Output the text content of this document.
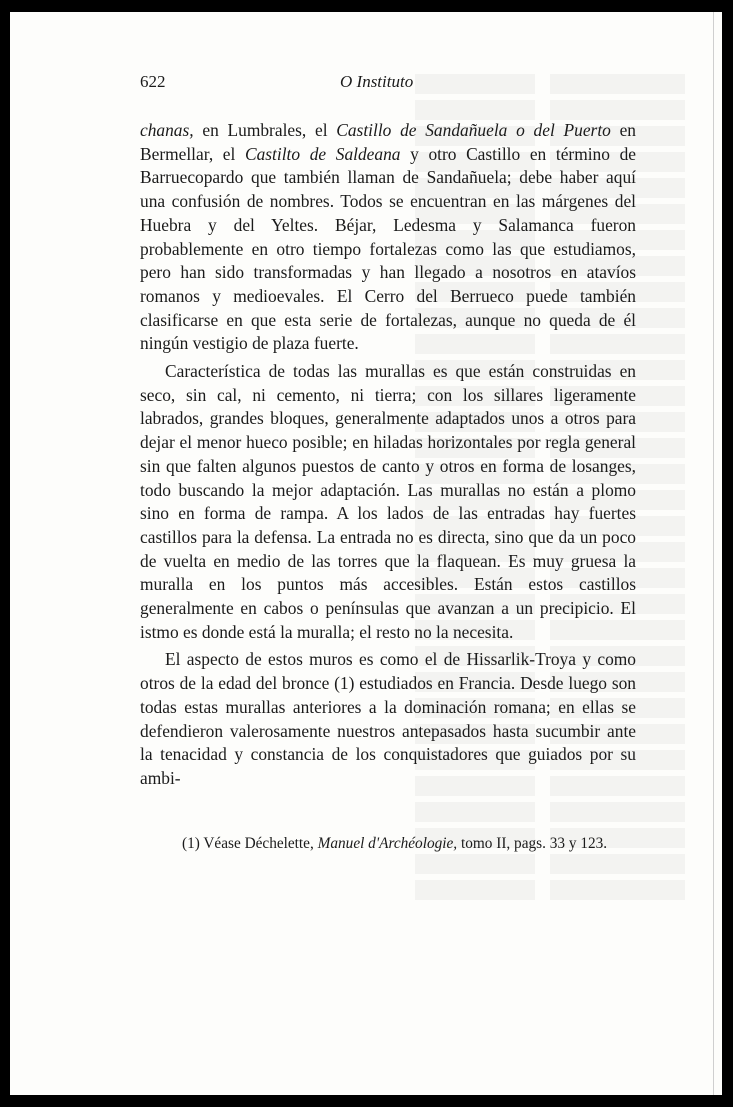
622	O Instituto

chanas, en Lumbrales, el Castillo de Sandañuela o del Puerto en Bermellar, el Castilto de Saldeana y otro Castillo en término de Barruecopardo que también llaman de Sandañuela; debe haber aquí una confusión de nombres. Todos se encuentran en las márgenes del Huebra y del Yeltes. Béjar, Ledesma y Salamanca fueron probablemente en otro tiempo fortalezas como las que estudiamos, pero han sido transformadas y han llegado a nosotros en atavíos romanos y medioevales. El Cerro del Berrueco puede también clasificarse en que esta serie de fortalezas, aunque no queda de él ningún vestigio de plaza fuerte.

Característica de todas las murallas es que están construidas en seco, sin cal, ni cemento, ni tierra; con los sillares ligeramente labrados, grandes bloques, generalmente adaptados unos a otros para dejar el menor hueco posible; en hiladas horizontales por regla general sin que falten algunos puestos de canto y otros en forma de losanges, todo buscando la mejor adaptación. Las murallas no están a plomo sino en forma de rampa. A los lados de las entradas hay fuertes castillos para la defensa. La entrada no es directa, sino que da un poco de vuelta en medio de las torres que la flaquean. Es muy gruesa la muralla en los puntos más accesibles. Están estos castillos generalmente en cabos o penínsulas que avanzan a un precipicio. El istmo es donde está la muralla; el resto no la necesita.

El aspecto de estos muros es como el de Hissarlik-Troya y como otros de la edad del bronce (1) estudiados en Francia. Desde luego son todas estas murallas anteriores a la dominación romana; en ellas se defendieron valerosamente nuestros antepasados hasta sucumbir ante la tenacidad y constancia de los conquistadores que guiados por su ambi-

(1) Véase Déchelette, Manuel d'Archéologie, tomo II, pags. 33 y 123.
